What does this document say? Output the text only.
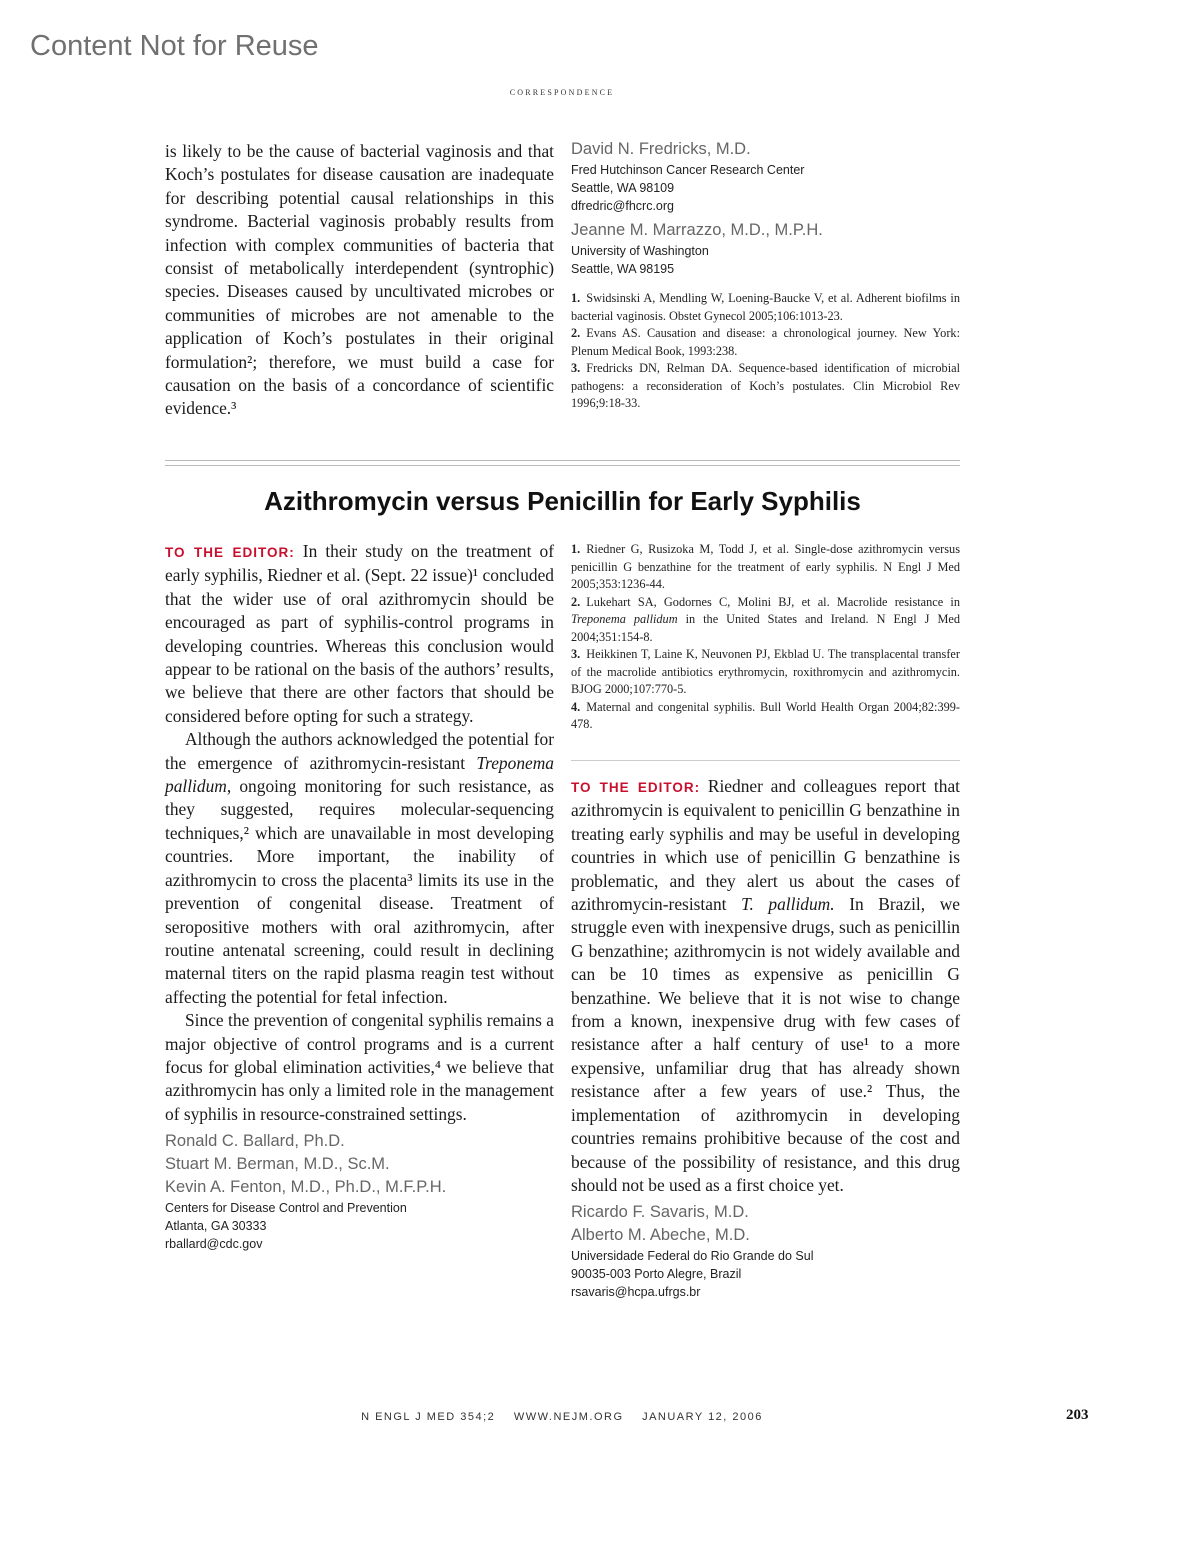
Content Not for Reuse
correspondence

is likely to be the cause of bacterial vaginosis and that Koch’s postulates for disease causation are inadequate for describing potential causal relationships in this syndrome. Bacterial vaginosis probably results from infection with complex communities of bacteria that consist of metabolically interdependent (syntrophic) species. Diseases caused by uncultivated microbes or communities of microbes are not amenable to the application of Koch’s postulates in their original formulation²; therefore, we must build a case for causation on the basis of a concordance of scientific evidence.³

David N. Fredricks, M.D.

Fred Hutchinson Cancer Research Center

Seattle, WA 98109

dfredric@fhcrc.org

Jeanne M. Marrazzo, M.D., M.P.H.

University of Washington

Seattle, WA 98195

1. Swidsinski A, Mendling W, Loening-Baucke V, et al. Adherent biofilms in bacterial vaginosis. Obstet Gynecol 2005;106:1013-23.
2. Evans AS. Causation and disease: a chronological journey. New York: Plenum Medical Book, 1993:238.
3. Fredricks DN, Relman DA. Sequence-based identification of microbial pathogens: a reconsideration of Koch’s postulates. Clin Microbiol Rev 1996;9:18-33.
Azithromycin versus Penicillin for Early Syphilis

TO THE EDITOR: In their study on the treatment of early syphilis, Riedner et al. (Sept. 22 issue)¹ concluded that the wider use of oral azithromycin should be encouraged as part of syphilis-control programs in developing countries. Whereas this conclusion would appear to be rational on the basis of the authors’ results, we believe that there are other factors that should be considered before opting for such a strategy.

Although the authors acknowledged the potential for the emergence of azithromycin-resistant Treponema pallidum, ongoing monitoring for such resistance, as they suggested, requires molecular-sequencing techniques,² which are unavailable in most developing countries. More important, the inability of azithromycin to cross the placenta³ limits its use in the prevention of congenital disease. Treatment of seropositive mothers with oral azithromycin, after routine antenatal screening, could result in declining maternal titers on the rapid plasma reagin test without affecting the potential for fetal infection.

Since the prevention of congenital syphilis remains a major objective of control programs and is a current focus for global elimination activities,⁴ we believe that azithromycin has only a limited role in the management of syphilis in resource-constrained settings.

Ronald C. Ballard, Ph.D.

Stuart M. Berman, M.D., Sc.M.

Kevin A. Fenton, M.D., Ph.D., M.F.P.H.

Centers for Disease Control and Prevention

Atlanta, GA 30333

rballard@cdc.gov

1. Riedner G, Rusizoka M, Todd J, et al. Single-dose azithromycin versus penicillin G benzathine for the treatment of early syphilis. N Engl J Med 2005;353:1236-44.
2. Lukehart SA, Godornes C, Molini BJ, et al. Macrolide resistance in Treponema pallidum in the United States and Ireland. N Engl J Med 2004;351:154-8.
3. Heikkinen T, Laine K, Neuvonen PJ, Ekblad U. The transplacental transfer of the macrolide antibiotics erythromycin, roxithromycin and azithromycin. BJOG 2000;107:770-5.
4. Maternal and congenital syphilis. Bull World Health Organ 2004;82:399-478.

TO THE EDITOR: Riedner and colleagues report that azithromycin is equivalent to penicillin G benzathine in treating early syphilis and may be useful in developing countries in which use of penicillin G benzathine is problematic, and they alert us about the cases of azithromycin-resistant T. pallidum. In Brazil, we struggle even with inexpensive drugs, such as penicillin G benzathine; azithromycin is not widely available and can be 10 times as expensive as penicillin G benzathine. We believe that it is not wise to change from a known, inexpensive drug with few cases of resistance after a half century of use¹ to a more expensive, unfamiliar drug that has already shown resistance after a few years of use.² Thus, the implementation of azithromycin in developing countries remains prohibitive because of the cost and because of the possibility of resistance, and this drug should not be used as a first choice yet.

Ricardo F. Savaris, M.D.

Alberto M. Abeche, M.D.

Universidade Federal do Rio Grande do Sul

90035-003 Porto Alegre, Brazil

rsavaris@hcpa.ufrgs.br

N ENGL J MED 354;2 WWW.NEJM.ORG JANUARY 12, 2006	203
